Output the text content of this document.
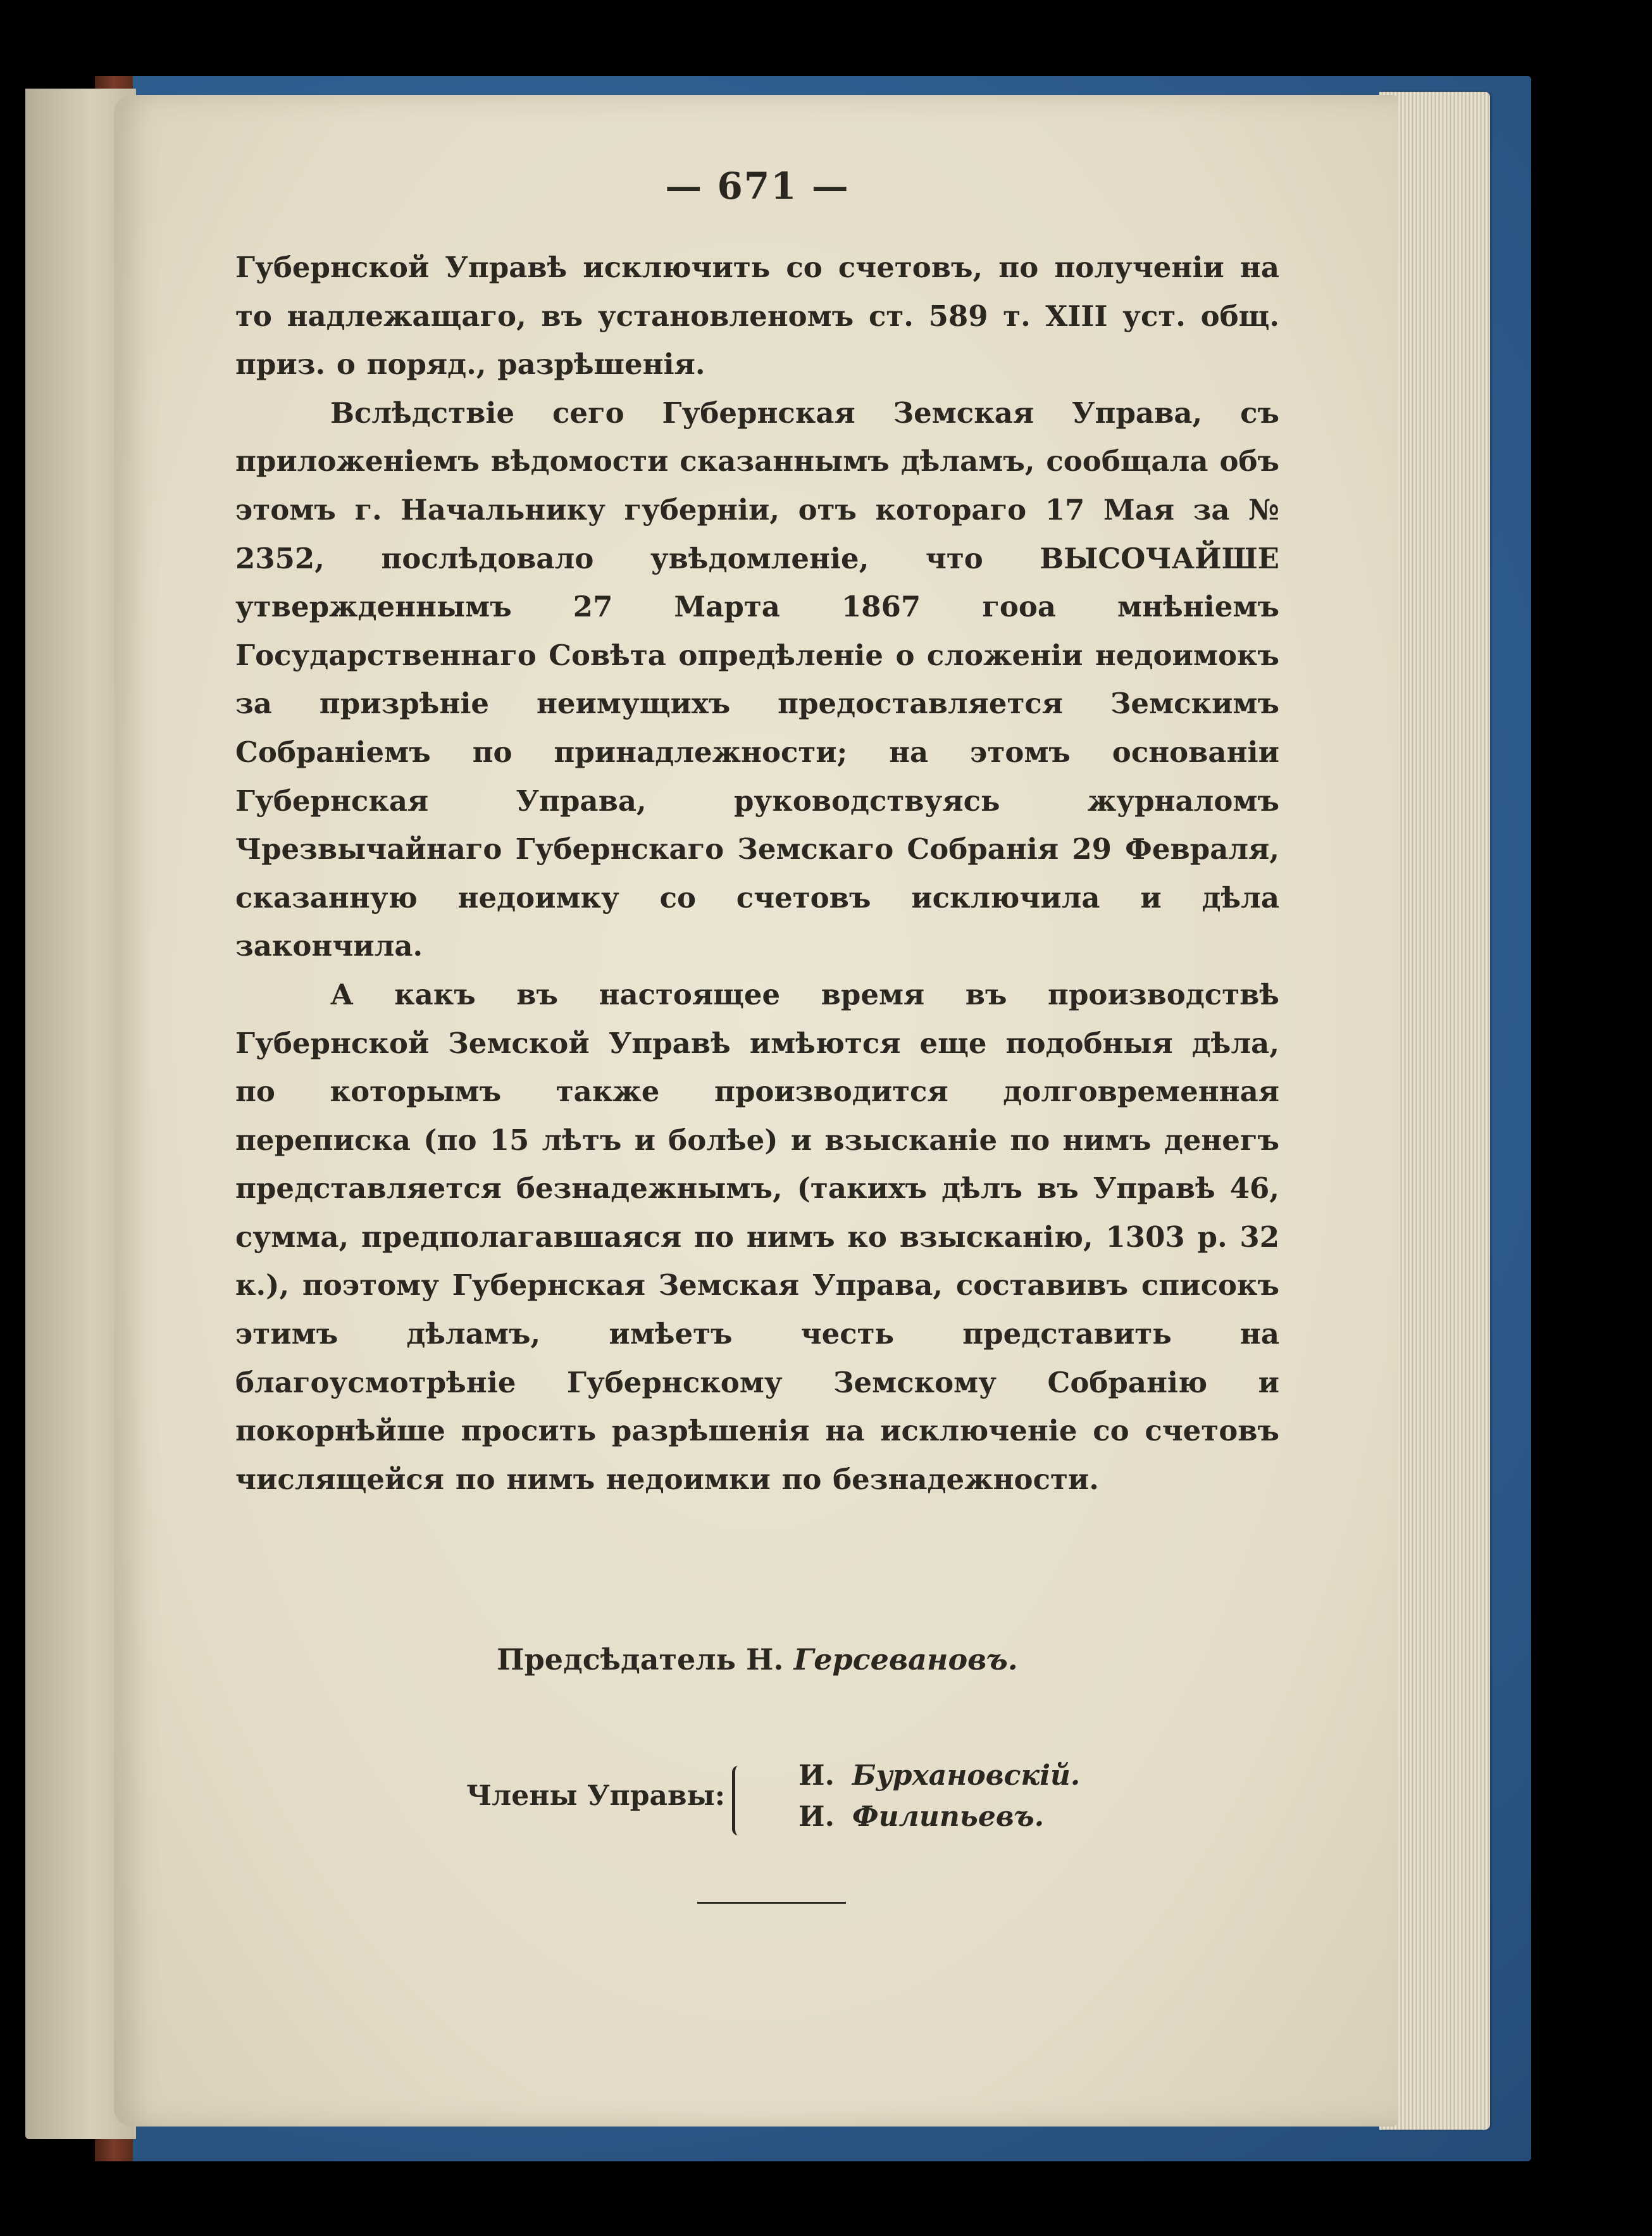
— 671 —

Губернской Управѣ исключить со счетовъ, по полученіи на то надлежащаго, въ установленомъ ст. 589 т. XIII уст. общ. приз. о поряд., разрѣшенія.

Вслѣдствіе сего Губернская Земская Управа, съ приложеніемъ вѣдомости сказаннымъ дѣламъ, сообщала объ этомъ г. Начальнику губерніи, отъ котораго 17 Мая за № 2352, послѣдовало увѣдомленіе, что ВЫСОЧАЙШЕ утвержденнымъ 27 Марта 1867 гооа мнѣніемъ Государственнаго Совѣта опредѣленіе о сложеніи недоимокъ за призрѣніе неимущихъ предоставляется Земскимъ Собраніемъ по принадлежности; на этомъ основаніи Губернская Управа, руководствуясь журналомъ Чрезвычайнаго Губернскаго Земскаго Собранія 29 Февраля, сказанную недоимку со счетовъ исключила и дѣла закончила.

А какъ въ настоящее время въ производствѣ Губернской Земской Управѣ имѣются еще подобныя дѣла, по которымъ также производится долговременная переписка (по 15 лѣтъ и болѣе) и взысканіе по нимъ денегъ представляется безнадежнымъ, (такихъ дѣлъ въ Управѣ 46, сумма, предполагавшаяся по нимъ ко взысканію, 1303 р. 32 к.), поэтому Губернская Земская Управа, составивъ списокъ этимъ дѣламъ, имѣетъ честь представить на благоусмотрѣніе Губернскому Земскому Собранію и покорнѣйше просить разрѣшенія на исключеніе со счетовъ числящейся по нимъ недоимки по безнадежности.

Предсѣдатель Н. Герсевановъ.
Члены Управы:
И. Бурхановскій.
И. Филипьевъ.
